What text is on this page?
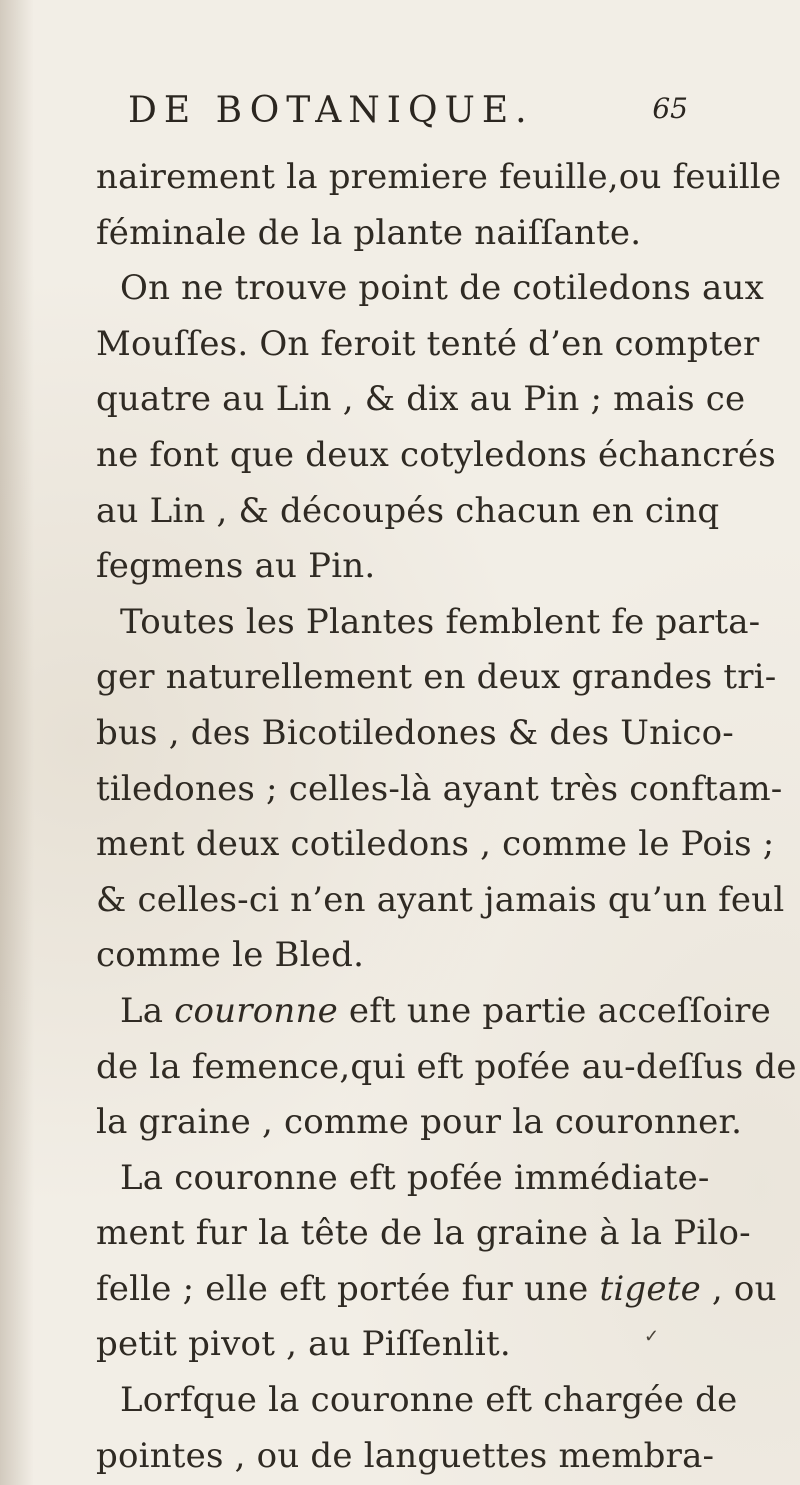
DE BOTANIQUE.	65
nairement la premiere feuille,ou feuille
féminale de la plante naiſſante.
On ne trouve point de cotiledons aux
Mouſſes. On feroit tenté d’en compter
quatre au Lin , & dix au Pin ; mais ce
ne font que deux cotyledons échancrés
au Lin , & découpés chacun en cinq
fegmens au Pin.
Toutes les Plantes femblent fe parta-
ger naturellement en deux grandes tri-
bus , des Bicotiledones & des Unico-
tiledones ; celles-là ayant très conftam-
ment deux cotiledons , comme le Pois ;
& celles-ci n’en ayant jamais qu’un feul
comme le Bled.
La couronne eft une partie acceſſoire
de la femence,qui eft pofée au-deſſus de
la graine , comme pour la couronner.
La couronne eft pofée immédiate-
ment fur la tête de la graine à la Pilo-
felle ; elle eft portée fur une tigete , ou
petit pivot , au Piſſenlit.
Lorfque la couronne eft chargée de
pointes , ou de languettes membra-
✓
